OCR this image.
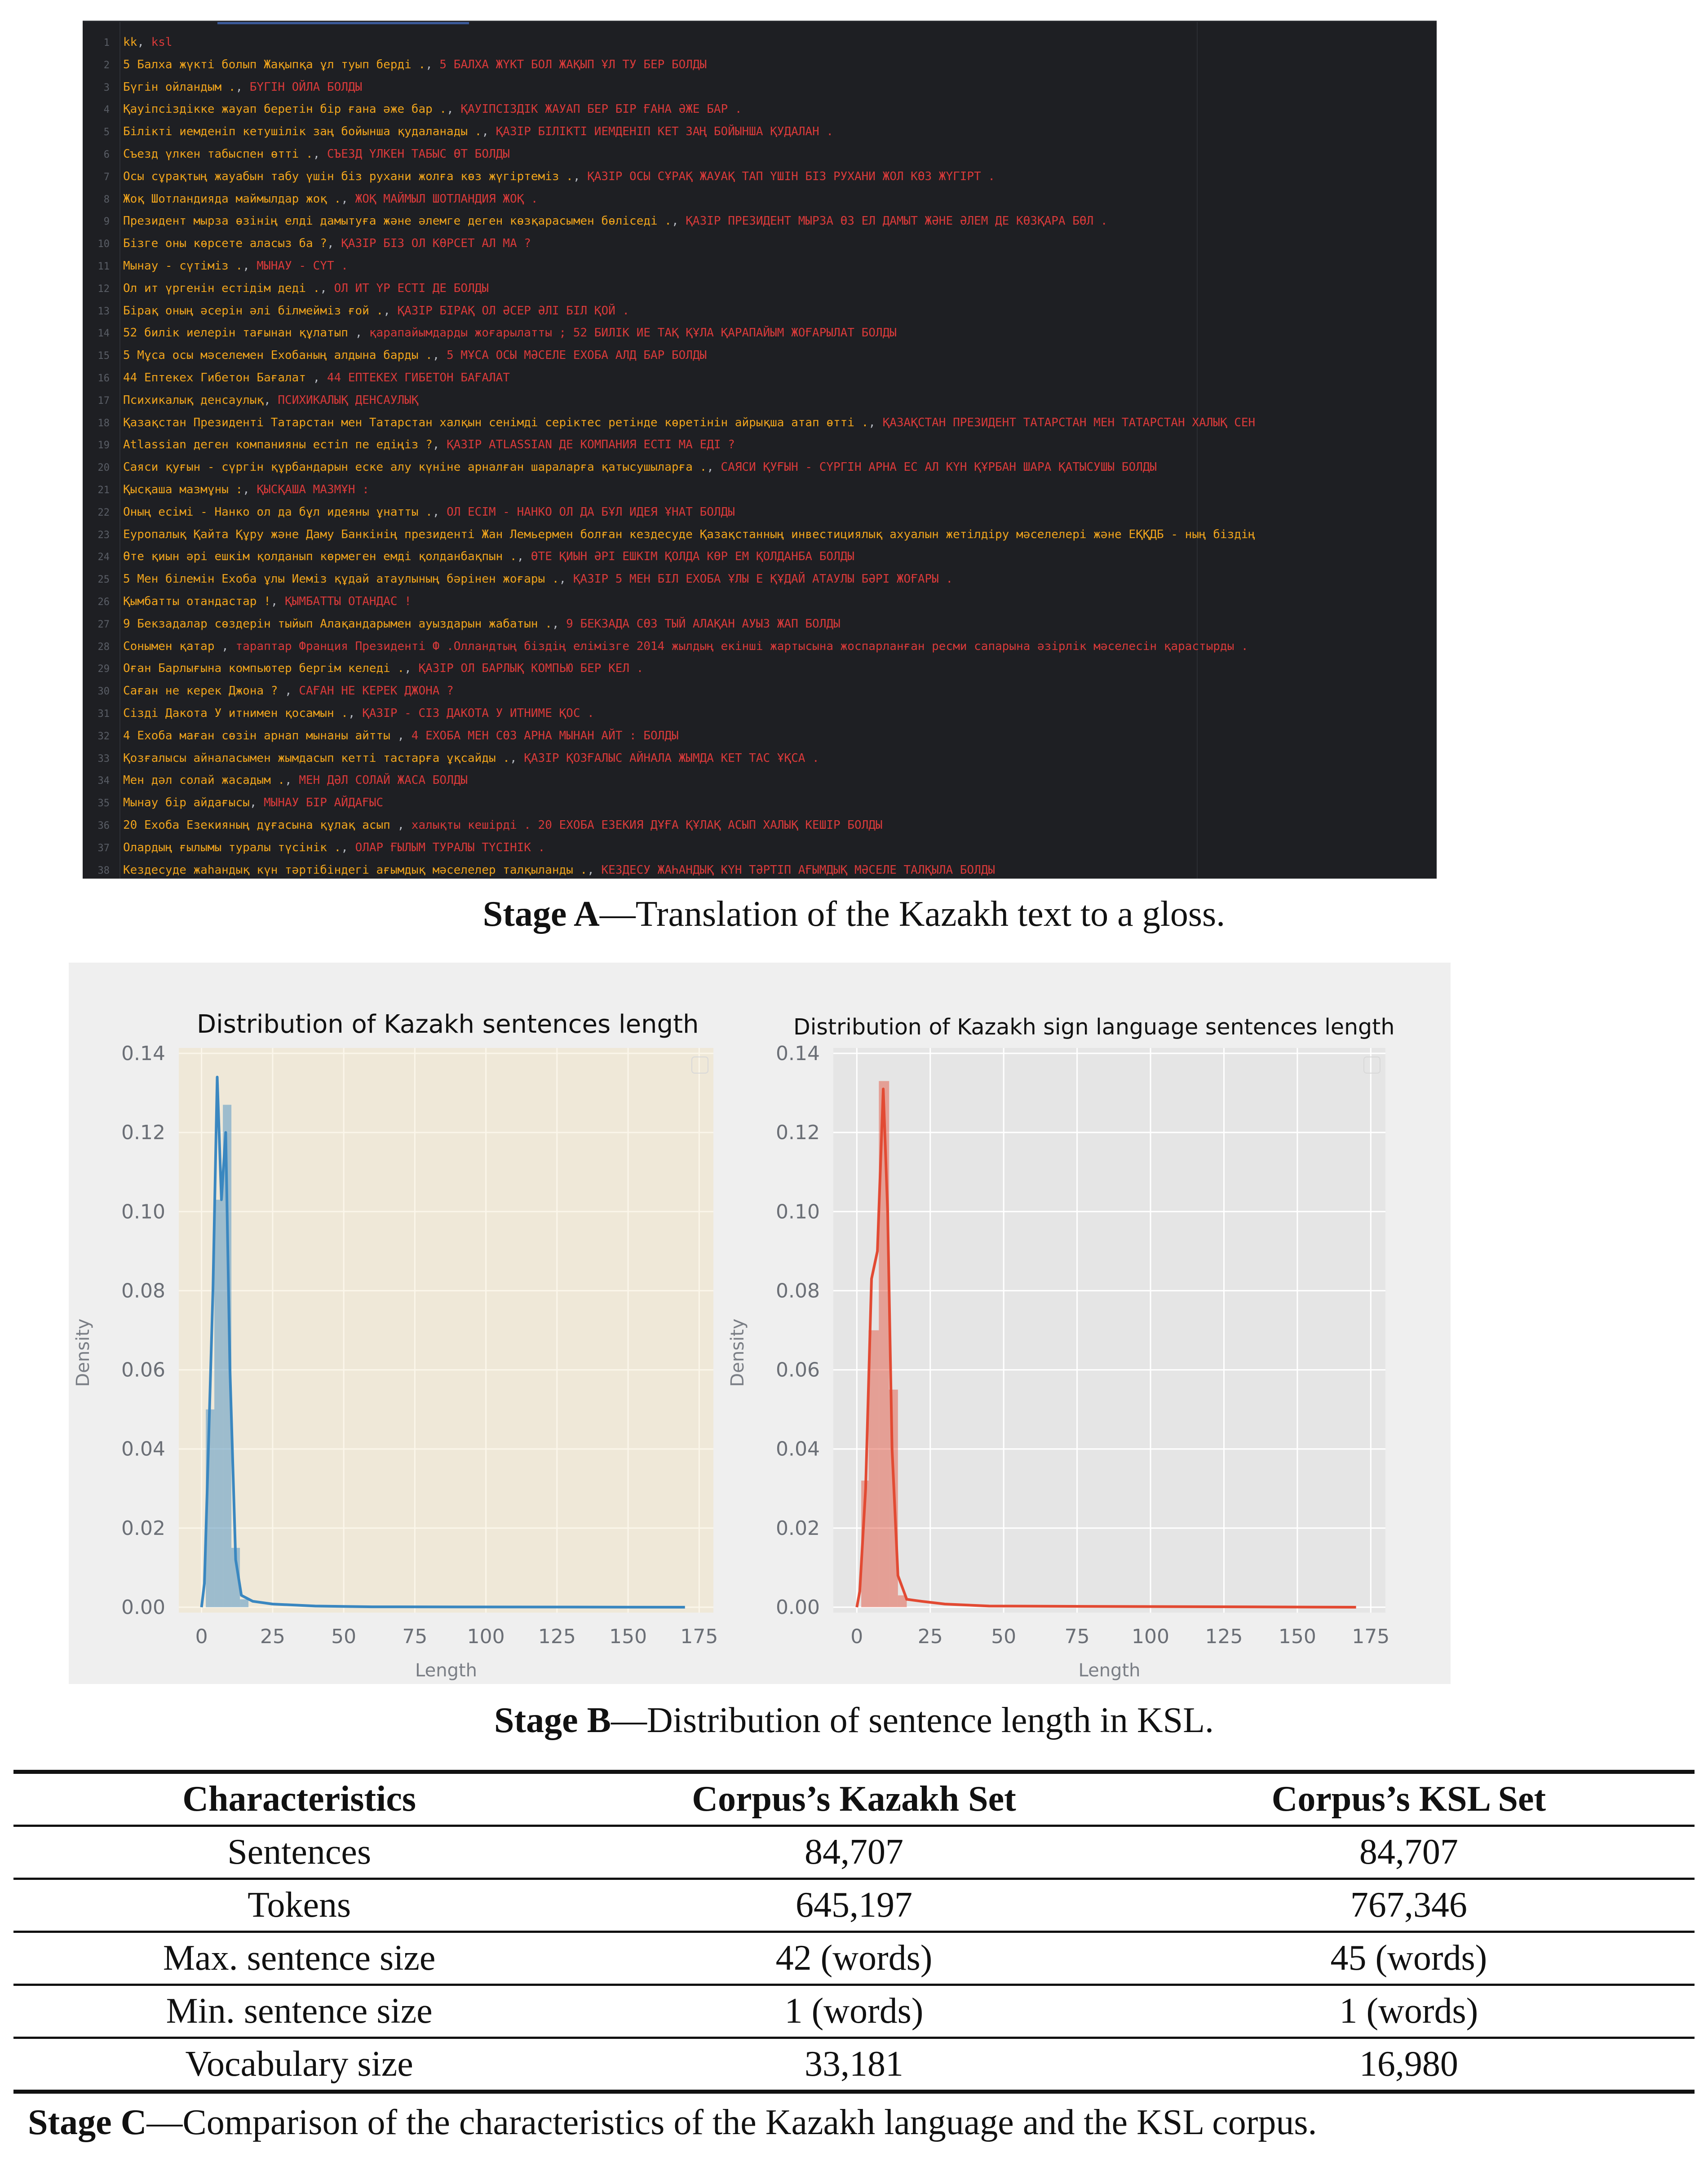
1 kk, ksl
2 5 Балха жүкті болып Жақыпқа ұл туып берді ., 5 БАЛХА ЖҮКТ БОЛ ЖАҚЫП ҰЛ ТУ БЕР БОЛДЫ
3 Бүгін ойландым ., БҮГІН ОЙЛА БОЛДЫ
4 Қауіпсіздікке жауап беретін бір ғана әже бар ., ҚАУІПСІЗДІК ЖАУАП БЕР БІР ҒАНА ӘЖЕ БАР .
5 Білікті иемденіп кетушілік заң бойынша қудаланады ., ҚАЗІР БІЛІКТІ ИЕМДЕНІП КЕТ ЗАҢ БОЙЫНША ҚУДАЛАН .
6 Съезд үлкен табыспен өтті ., СЪЕЗД ҮЛКЕН ТАБЫС ӨТ БОЛДЫ
7 Осы сұрақтың жауабын табу үшін біз рухани жолға көз жүгіртеміз ., ҚАЗІР ОСЫ СҰРАҚ ЖАУАҚ ТАП ҮШІН БІЗ РУХАНИ ЖОЛ КӨЗ ЖҮГІРТ .
8 Жоқ Шотландияда маймылдар жоқ ., ЖОҚ МАЙМЫЛ ШОТЛАНДИЯ ЖОҚ .
9 Президент мырза өзінің елді дамытуға және әлемге деген көзқарасымен бөліседі ., ҚАЗІР ПРЕЗИДЕНТ МЫРЗА ӨЗ ЕЛ ДАМЫТ ЖӘНЕ ӘЛЕМ ДЕ КӨЗҚАРА БӨЛ .
10 Бізге оны көрсете аласыз ба ?, ҚАЗІР БІЗ ОЛ КӨРСЕТ АЛ МА ?
11 Мынау - сүтіміз ., МЫНАУ - СҮТ .
12 Ол ит үргенін естідім деді ., ОЛ ИТ ҮР ЕСТІ ДЕ БОЛДЫ
13 Бірақ оның әсерін әлі білмейміз ғой ., ҚАЗІР БІРАҚ ОЛ ӘСЕР ӘЛІ БІЛ ҚОЙ .
14 52 билік иелерін тағынан құлатып , қарапайымдарды жоғарылатты ; 52 БИЛІК ИЕ ТАҚ ҚҰЛА ҚАРАПАЙЫМ ЖОҒАРЫЛАТ БОЛДЫ
15 5 Мұса осы мәселемен Ехобаның алдына барды ., 5 МҰСА ОСЫ МӘСЕЛЕ ЕХОБА АЛД БАР БОЛДЫ
16 44 Ептекех Гибетон Бағалат , 44 ЕПТЕКЕХ ГИБЕТОН БАҒАЛАТ
17 Психикалық денсаулық, ПСИХИКАЛЫҚ ДЕНСАУЛЫҚ
18 Қазақстан Президенті Татарстан мен Татарстан халқын сенімді серіктес ретінде көретінін айрықша атап өтті ., ҚАЗАҚСТАН ПРЕЗИДЕНТ ТАТАРСТАН МЕН ТАТАРСТАН ХАЛЫҚ СЕН
19 Atlassian деген компанияны естіп пе едіңіз ?, ҚАЗІР ATLASSIAN ДЕ КОМПАНИЯ ЕСТІ МА ЕДІ ?
20 Саяси қуғын - сүргін құрбандарын еске алу күніне арналған шараларға қатысушыларға ., САЯСИ ҚУҒЫН - СҮРГІН АРНА ЕС АЛ КҮН ҚҰРБАН ШАРА ҚАТЫСУШЫ БОЛДЫ
21 Қысқаша мазмұны :, ҚЫСҚАША МАЗМҰН :
22 Оның есімі - Нанко ол да бұл идеяны ұнатты ., ОЛ ЕСІМ - НАНКО ОЛ ДА БҰЛ ИДЕЯ ҰНАТ БОЛДЫ
23 Еуропалық Қайта Құру және Даму Банкінің президенті Жан Лемьермен болған кездесуде Қазақстанның инвестициялық ахуалын жетілдіру мәселелері және ЕҚҚДБ - ның біздің
24 Өте қиын әрі ешкім қолданып көрмеген емді қолданбақпын ., ӨТЕ ҚИЫН ӘРІ ЕШКІМ ҚОЛДА КӨР ЕМ ҚОЛДАНБА БОЛДЫ
25 5 Мен білемін Ехоба ұлы Иеміз құдай атаулының бәрінен жоғары ., ҚАЗІР 5 МЕН БІЛ ЕХОБА ҰЛЫ Е ҚҰДАЙ АТАУЛЫ БӘРІ ЖОҒАРЫ .
26 Қымбатты отандастар !, ҚЫМБАТТЫ ОТАНДАС !
27 9 Бекзадалар сөздерін тыйып Алақандарымен ауыздарын жабатын ., 9 БЕКЗАДА СӨЗ ТЫЙ АЛАҚАН АУЫЗ ЖАП БОЛДЫ
28 Сонымен қатар , тараптар Франция Президенті Ф .Олландтың біздің елімізге 2014 жылдың екінші жартысына жоспарланған ресми сапарына әзірлік мәселесін қарастырды .
29 Оған Барлығына компьютер бергім келеді ., ҚАЗІР ОЛ БАРЛЫҚ КОМПЬЮ БЕР КЕЛ .
30 Саған не керек Джона ? , САҒАН НЕ КЕРЕК ДЖОНА ?
31 Сізді Дакота У итнимен қосамын ., ҚАЗІР - СІЗ ДАКОТА У ИТНИМЕ ҚОС .
32 4 Ехоба маған сөзін арнап мынаны айтты , 4 ЕХОБА МЕН СӨЗ АРНА МЫНАН АЙТ : БОЛДЫ
33 Қозғалысы айналасымен жымдасып кетті тастарға ұқсайды ., ҚАЗІР ҚОЗҒАЛЫС АЙНАЛА ЖЫМДА КЕТ ТАС ҰҚСА .
34 Мен дәл солай жасадым ., МЕН ДӘЛ СОЛАЙ ЖАСА БОЛДЫ
35 Мынау бір айдағысы, МЫНАУ БІР АЙДАҒЫС
36 20 Ехоба Езекияның дұғасына құлақ асып , халықты кешірді . 20 ЕХОБА ЕЗЕКИЯ ДҰҒА ҚҰЛАҚ АСЫП ХАЛЫҚ КЕШІР БОЛДЫ
37 Олардың ғылымы туралы түсінік ., ОЛАР ҒЫЛЫМ ТУРАЛЫ ТҮСІНІК .
38 Кездесуде жаһандық күн тәртібіндегі ағымдық мәселелер талқыланды ., КЕЗДЕСУ ЖАҺАНДЫҚ КҮН ТӘРТІП АҒЫМДЫҚ МӘСЕЛЕ ТАЛҚЫЛА БОЛДЫ
Stage A—Translation of the Kazakh text to a gloss.
Distribution of Kazakh sentences length	Distribution of Kazakh sign language sentences length
0.00
0.02
0.04
0.06
0.08
0.10
0.12
0.14
0	25 50 75 100 125 150 175
Length
Density
0.00
0.02
0.04
0.06
0.08
0.10
0.12
0.14
0	25 50 75 100 125 150 175
Length
Density
Stage B—Distribution of sentence length in KSL.
Characteristics	Corpus’s Kazakh Set	Corpus’s KSL Set
Sentences	84,707	84,707
Tokens	645,197	767,346
Max. sentence size	42 (words)	45 (words)
Min. sentence size	1 (words)	1 (words)
Vocabulary size	33,181	16,980
Stage C—Comparison of the characteristics of the Kazakh language and the KSL corpus.
